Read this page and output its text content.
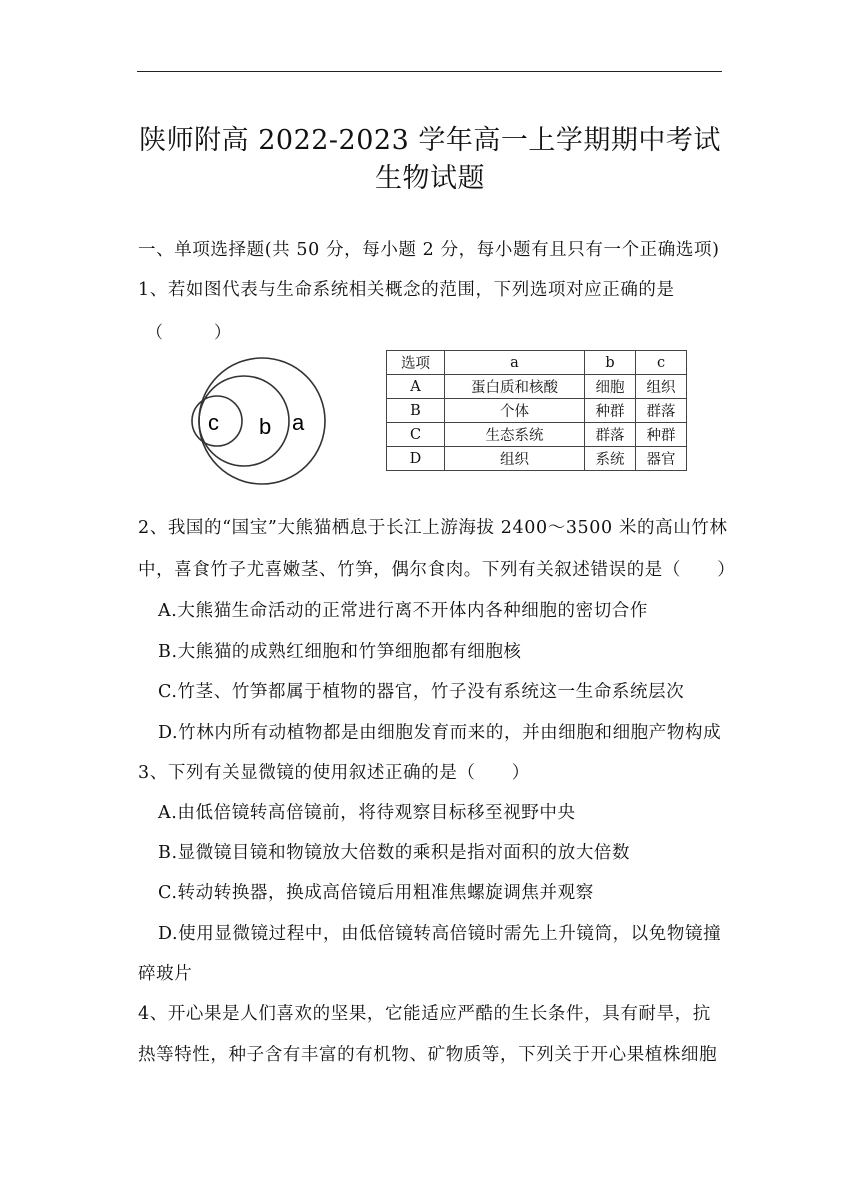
陕师附高 2022-2023 学年高一上学期期中考试
生物试题
一、单项选择题(共 50 分，每小题 2 分，每小题有且只有一个正确选项)
1、若如图代表与生命系统相关概念的范围，下列选项对应正确的是
（　　　）
c b a
选项	a	b	c
A	蛋白质和核酸	细胞	组织
B	个体	种群	群落
C	生态系统	群落	种群
D	组织	系统	器官
2、我国的“国宝”大熊猫栖息于长江上游海拔 2400～3500 米的高山竹林
中，喜食竹子尤喜嫩茎、竹笋，偶尔食肉。下列有关叙述错误的是（　　）
A.大熊猫生命活动的正常进行离不开体内各种细胞的密切合作
B.大熊猫的成熟红细胞和竹笋细胞都有细胞核
C.竹茎、竹笋都属于植物的器官，竹子没有系统这一生命系统层次
D.竹林内所有动植物都是由细胞发育而来的，并由细胞和细胞产物构成
3、下列有关显微镜的使用叙述正确的是（　　）
A.由低倍镜转高倍镜前，将待观察目标移至视野中央
B.显微镜目镜和物镜放大倍数的乘积是指对面积的放大倍数
C.转动转换器，换成高倍镜后用粗准焦螺旋调焦并观察
D.使用显微镜过程中，由低倍镜转高倍镜时需先上升镜筒，以免物镜撞
碎玻片
4、开心果是人们喜欢的坚果，它能适应严酷的生长条件，具有耐旱，抗
热等特性，种子含有丰富的有机物、矿物质等，下列关于开心果植株细胞
